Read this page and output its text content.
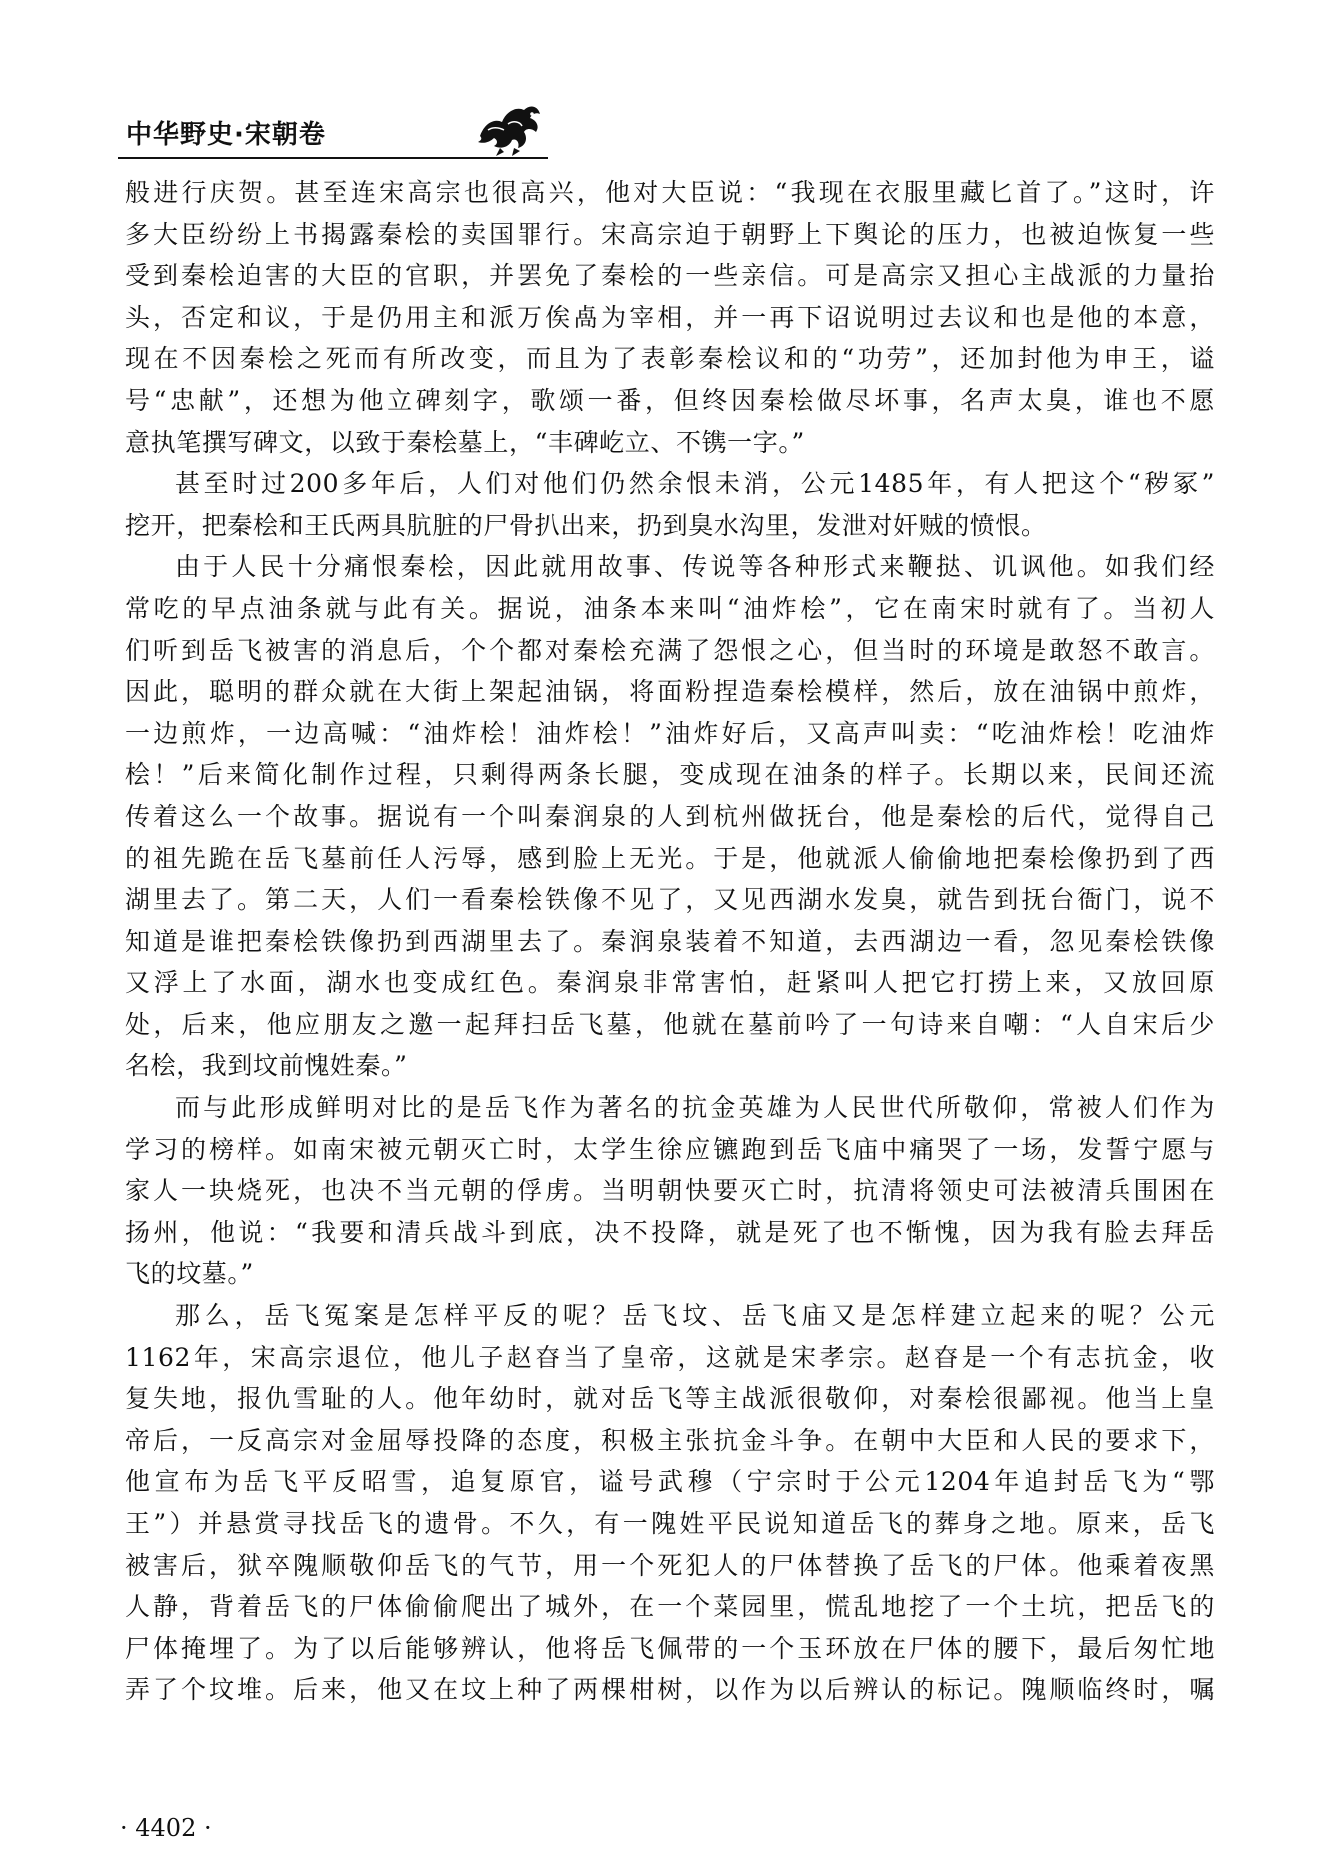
中华野史·宋朝卷
般进行庆贺。甚至连宋高宗也很高兴，他对大臣说：“我现在衣服里藏匕首了。”这时，许
多大臣纷纷上书揭露秦桧的卖国罪行。宋高宗迫于朝野上下舆论的压力，也被迫恢复一些
受到秦桧迫害的大臣的官职，并罢免了秦桧的一些亲信。可是高宗又担心主战派的力量抬
头，否定和议，于是仍用主和派万俟卨为宰相，并一再下诏说明过去议和也是他的本意，
现在不因秦桧之死而有所改变，而且为了表彰秦桧议和的“功劳”，还加封他为申王，谥
号“忠献”，还想为他立碑刻字，歌颂一番，但终因秦桧做尽坏事，名声太臭，谁也不愿
意执笔撰写碑文，以致于秦桧墓上，“丰碑屹立、不镌一字。”
甚至时过200多年后，人们对他们仍然余恨未消，公元1485年，有人把这个“秽冢”
挖开，把秦桧和王氏两具肮脏的尸骨扒出来，扔到臭水沟里，发泄对奸贼的愤恨。
由于人民十分痛恨秦桧，因此就用故事、传说等各种形式来鞭挞、讥讽他。如我们经
常吃的早点油条就与此有关。据说，油条本来叫“油炸桧”，它在南宋时就有了。当初人
们听到岳飞被害的消息后，个个都对秦桧充满了怨恨之心，但当时的环境是敢怒不敢言。
因此，聪明的群众就在大街上架起油锅，将面粉捏造秦桧模样，然后，放在油锅中煎炸，
一边煎炸，一边高喊：“油炸桧！油炸桧！”油炸好后，又高声叫卖：“吃油炸桧！吃油炸
桧！”后来简化制作过程，只剩得两条长腿，变成现在油条的样子。长期以来，民间还流
传着这么一个故事。据说有一个叫秦润泉的人到杭州做抚台，他是秦桧的后代，觉得自己
的祖先跪在岳飞墓前任人污辱，感到脸上无光。于是，他就派人偷偷地把秦桧像扔到了西
湖里去了。第二天，人们一看秦桧铁像不见了，又见西湖水发臭，就告到抚台衙门，说不
知道是谁把秦桧铁像扔到西湖里去了。秦润泉装着不知道，去西湖边一看，忽见秦桧铁像
又浮上了水面，湖水也变成红色。秦润泉非常害怕，赶紧叫人把它打捞上来，又放回原
处，后来，他应朋友之邀一起拜扫岳飞墓，他就在墓前吟了一句诗来自嘲：“人自宋后少
名桧，我到坟前愧姓秦。”
而与此形成鲜明对比的是岳飞作为著名的抗金英雄为人民世代所敬仰，常被人们作为
学习的榜样。如南宋被元朝灭亡时，太学生徐应镳跑到岳飞庙中痛哭了一场，发誓宁愿与
家人一块烧死，也决不当元朝的俘虏。当明朝快要灭亡时，抗清将领史可法被清兵围困在
扬州，他说：“我要和清兵战斗到底，决不投降，就是死了也不惭愧，因为我有脸去拜岳
飞的坟墓。”
那么，岳飞冤案是怎样平反的呢？岳飞坟、岳飞庙又是怎样建立起来的呢？公元
1162年，宋高宗退位，他儿子赵昚当了皇帝，这就是宋孝宗。赵昚是一个有志抗金，收
复失地，报仇雪耻的人。他年幼时，就对岳飞等主战派很敬仰，对秦桧很鄙视。他当上皇
帝后，一反高宗对金屈辱投降的态度，积极主张抗金斗争。在朝中大臣和人民的要求下，
他宣布为岳飞平反昭雪，追复原官，谥号武穆（宁宗时于公元1204年追封岳飞为“鄂
王”）并悬赏寻找岳飞的遗骨。不久，有一隗姓平民说知道岳飞的葬身之地。原来，岳飞
被害后，狱卒隗顺敬仰岳飞的气节，用一个死犯人的尸体替换了岳飞的尸体。他乘着夜黑
人静，背着岳飞的尸体偷偷爬出了城外，在一个菜园里，慌乱地挖了一个土坑，把岳飞的
尸体掩埋了。为了以后能够辨认，他将岳飞佩带的一个玉环放在尸体的腰下，最后匆忙地
弄了个坟堆。后来，他又在坟上种了两棵柑树，以作为以后辨认的标记。隗顺临终时，嘱
· 4402 ·
